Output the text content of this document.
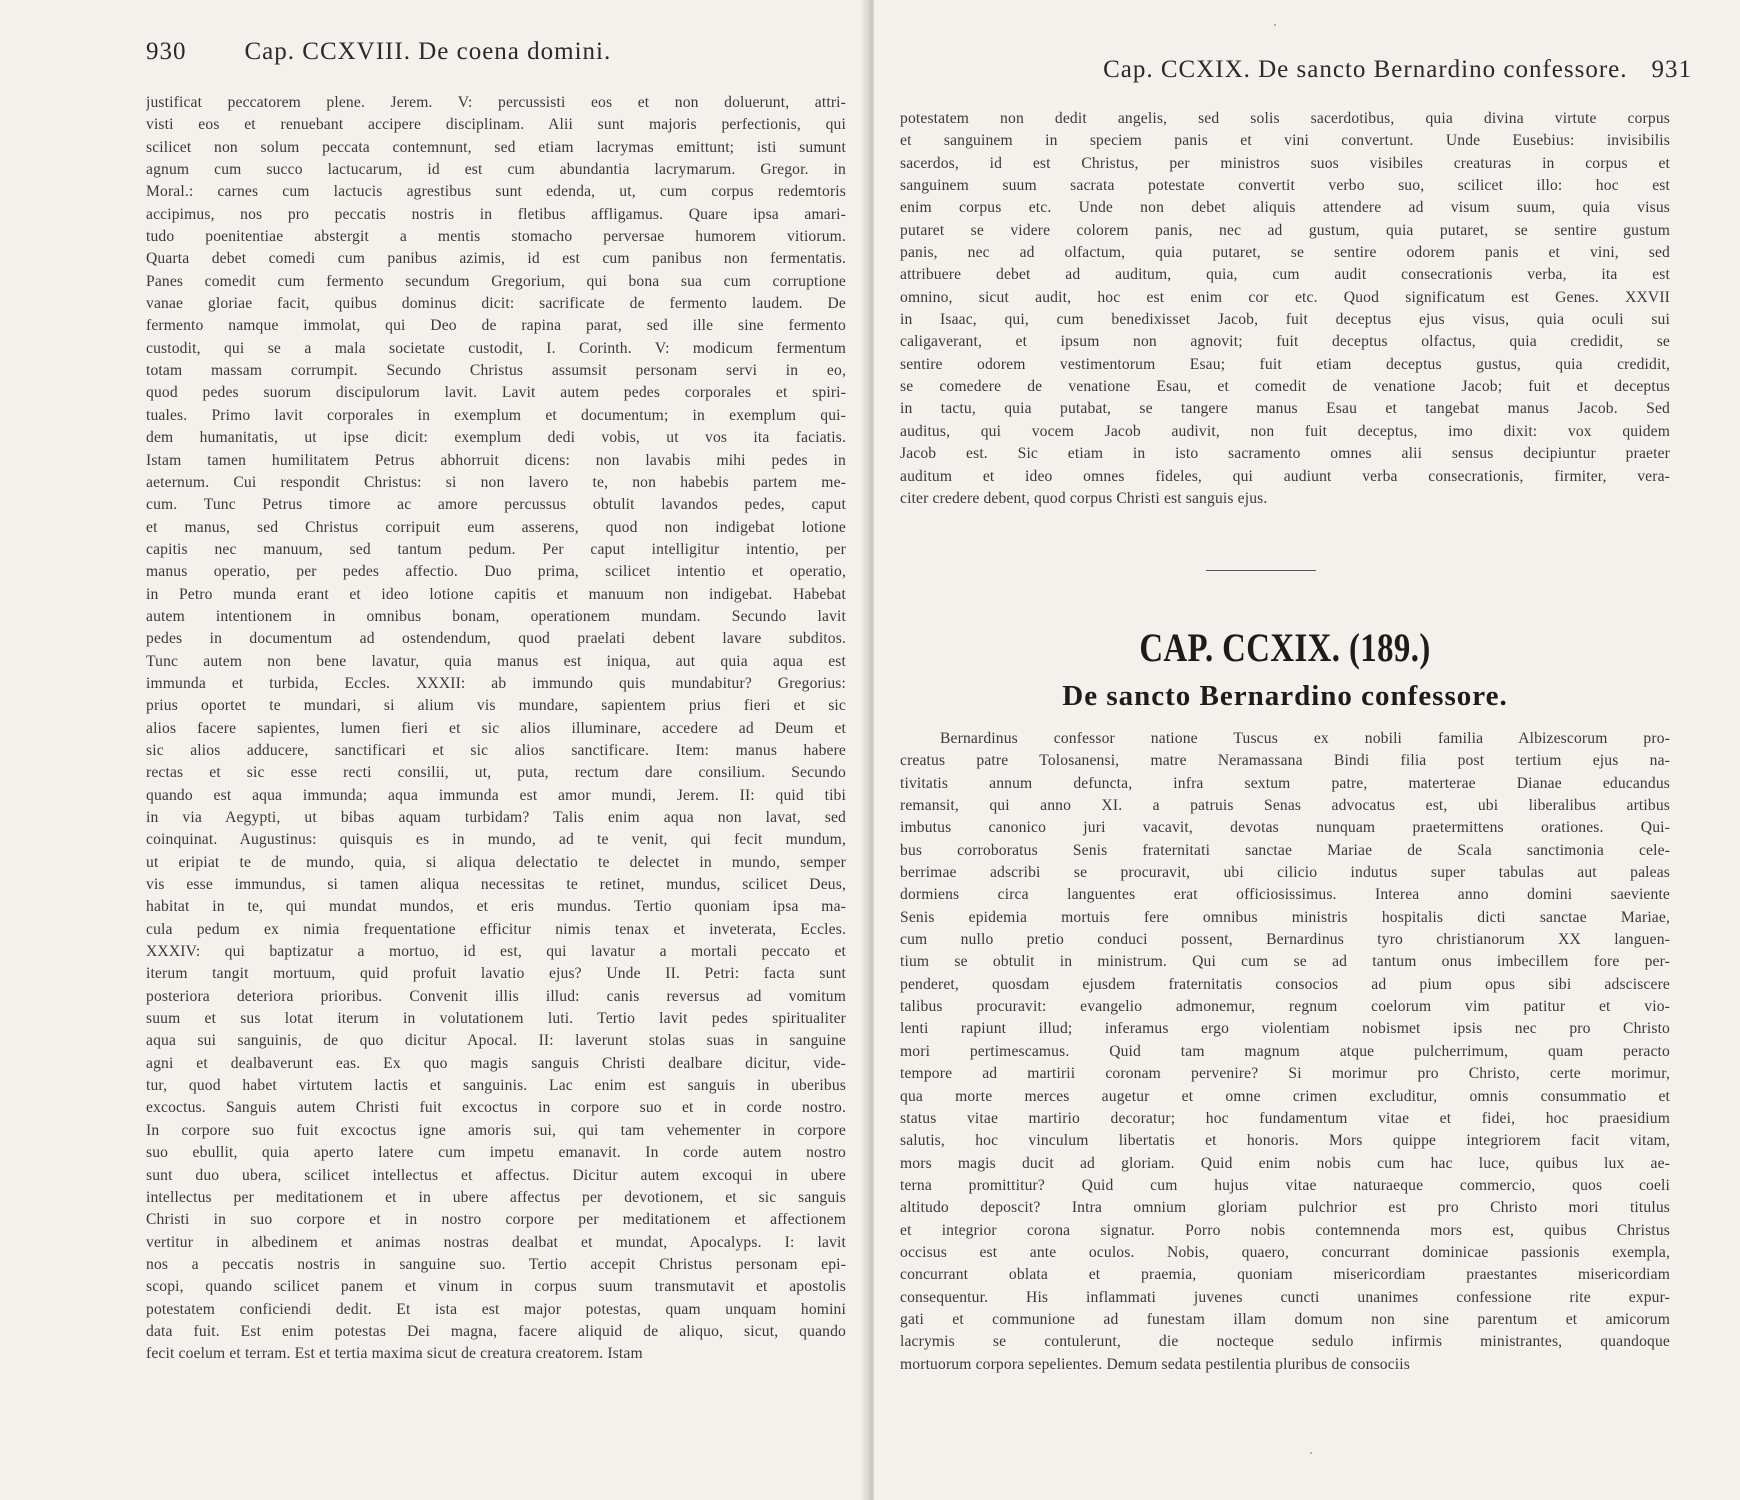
930 Cap. CCXVIII. De coena domini.
justificat peccatorem plene. Jerem. V: percussisti eos et non doluerunt, attri-
visti eos et renuebant accipere disciplinam. Alii sunt majoris perfectionis, qui
scilicet non solum peccata contemnunt, sed etiam lacrymas emittunt; isti sumunt
agnum cum succo lactucarum, id est cum abundantia lacrymarum. Gregor. in
Moral.: carnes cum lactucis agrestibus sunt edenda, ut, cum corpus redemtoris
accipimus, nos pro peccatis nostris in fletibus affligamus. Quare ipsa amari-
tudo poenitentiae abstergit a mentis stomacho perversae humorem vitiorum.
Quarta debet comedi cum panibus azimis, id est cum panibus non fermentatis.
Panes comedit cum fermento secundum Gregorium, qui bona sua cum corruptione
vanae gloriae facit, quibus dominus dicit: sacrificate de fermento laudem. De
fermento namque immolat, qui Deo de rapina parat, sed ille sine fermento
custodit, qui se a mala societate custodit, I. Corinth. V: modicum fermentum
totam massam corrumpit. Secundo Christus assumsit personam servi in eo,
quod pedes suorum discipulorum lavit. Lavit autem pedes corporales et spiri-
tuales. Primo lavit corporales in exemplum et documentum; in exemplum qui-
dem humanitatis, ut ipse dicit: exemplum dedi vobis, ut vos ita faciatis.
Istam tamen humilitatem Petrus abhorruit dicens: non lavabis mihi pedes in
aeternum. Cui respondit Christus: si non lavero te, non habebis partem me-
cum. Tunc Petrus timore ac amore percussus obtulit lavandos pedes, caput
et manus, sed Christus corripuit eum asserens, quod non indigebat lotione
capitis nec manuum, sed tantum pedum. Per caput intelligitur intentio, per
manus operatio, per pedes affectio. Duo prima, scilicet intentio et operatio,
in Petro munda erant et ideo lotione capitis et manuum non indigebat. Habebat
autem intentionem in omnibus bonam, operationem mundam. Secundo lavit
pedes in documentum ad ostendendum, quod praelati debent lavare subditos.
Tunc autem non bene lavatur, quia manus est iniqua, aut quia aqua est
immunda et turbida, Eccles. XXXII: ab immundo quis mundabitur? Gregorius:
prius oportet te mundari, si alium vis mundare, sapientem prius fieri et sic
alios facere sapientes, lumen fieri et sic alios illuminare, accedere ad Deum et
sic alios adducere, sanctificari et sic alios sanctificare. Item: manus habere
rectas et sic esse recti consilii, ut, puta, rectum dare consilium. Secundo
quando est aqua immunda; aqua immunda est amor mundi, Jerem. II: quid tibi
in via Aegypti, ut bibas aquam turbidam? Talis enim aqua non lavat, sed
coinquinat. Augustinus: quisquis es in mundo, ad te venit, qui fecit mundum,
ut eripiat te de mundo, quia, si aliqua delectatio te delectet in mundo, semper
vis esse immundus, si tamen aliqua necessitas te retinet, mundus, scilicet Deus,
habitat in te, qui mundat mundos, et eris mundus. Tertio quoniam ipsa ma-
cula pedum ex nimia frequentatione efficitur nimis tenax et inveterata, Eccles.
XXXIV: qui baptizatur a mortuo, id est, qui lavatur a mortali peccato et
iterum tangit mortuum, quid profuit lavatio ejus? Unde II. Petri: facta sunt
posteriora deteriora prioribus. Convenit illis illud: canis reversus ad vomitum
suum et sus lotat iterum in volutationem luti. Tertio lavit pedes spiritualiter
aqua sui sanguinis, de quo dicitur Apocal. II: laverunt stolas suas in sanguine
agni et dealbaverunt eas. Ex quo magis sanguis Christi dealbare dicitur, vide-
tur, quod habet virtutem lactis et sanguinis. Lac enim est sanguis in uberibus
excoctus. Sanguis autem Christi fuit excoctus in corpore suo et in corde nostro.
In corpore suo fuit excoctus igne amoris sui, qui tam vehementer in corpore
suo ebullit, quia aperto latere cum impetu emanavit. In corde autem nostro
sunt duo ubera, scilicet intellectus et affectus. Dicitur autem excoqui in ubere
intellectus per meditationem et in ubere affectus per devotionem, et sic sanguis
Christi in suo corpore et in nostro corpore per meditationem et affectionem
vertitur in albedinem et animas nostras dealbat et mundat, Apocalyps. I: lavit
nos a peccatis nostris in sanguine suo. Tertio accepit Christus personam epi-
scopi, quando scilicet panem et vinum in corpus suum transmutavit et apostolis
potestatem conficiendi dedit. Et ista est major potestas, quam unquam homini
data fuit. Est enim potestas Dei magna, facere aliquid de aliquo, sicut, quando
fecit coelum et terram. Est et tertia maxima sicut de creatura creatorem. Istam
Cap. CCXIX. De sancto Bernardino confessore. 931
potestatem non dedit angelis, sed solis sacerdotibus, quia divina virtute corpus
et sanguinem in speciem panis et vini convertunt. Unde Eusebius: invisibilis
sacerdos, id est Christus, per ministros suos visibiles creaturas in corpus et
sanguinem suum sacrata potestate convertit verbo suo, scilicet illo: hoc est
enim corpus etc. Unde non debet aliquis attendere ad visum suum, quia visus
putaret se videre colorem panis, nec ad gustum, quia putaret, se sentire gustum
panis, nec ad olfactum, quia putaret, se sentire odorem panis et vini, sed
attribuere debet ad auditum, quia, cum audit consecrationis verba, ita est
omnino, sicut audit, hoc est enim cor etc. Quod significatum est Genes. XXVII
in Isaac, qui, cum benedixisset Jacob, fuit deceptus ejus visus, quia oculi sui
caligaverant, et ipsum non agnovit; fuit deceptus olfactus, quia credidit, se
sentire odorem vestimentorum Esau; fuit etiam deceptus gustus, quia credidit,
se comedere de venatione Esau, et comedit de venatione Jacob; fuit et deceptus
in tactu, quia putabat, se tangere manus Esau et tangebat manus Jacob. Sed
auditus, qui vocem Jacob audivit, non fuit deceptus, imo dixit: vox quidem
Jacob est. Sic etiam in isto sacramento omnes alii sensus decipiuntur praeter
auditum et ideo omnes fideles, qui audiunt verba consecrationis, firmiter, vera-
citer credere debent, quod corpus Christi est sanguis ejus.
CAP. CCXIX. (189.)
De sancto Bernardino confessore.
Bernardinus confessor natione Tuscus ex nobili familia Albizescorum pro-
creatus patre Tolosanensi, matre Neramassana Bindi filia post tertium ejus na-
tivitatis annum defuncta, infra sextum patre, materterae Dianae educandus
remansit, qui anno XI. a patruis Senas advocatus est, ubi liberalibus artibus
imbutus canonico juri vacavit, devotas nunquam praetermittens orationes. Qui-
bus corroboratus Senis fraternitati sanctae Mariae de Scala sanctimonia cele-
berrimae adscribi se procuravit, ubi cilicio indutus super tabulas aut paleas
dormiens circa languentes erat officiosissimus. Interea anno domini saeviente
Senis epidemia mortuis fere omnibus ministris hospitalis dicti sanctae Mariae,
cum nullo pretio conduci possent, Bernardinus tyro christianorum XX languen-
tium se obtulit in ministrum. Qui cum se ad tantum onus imbecillem fore per-
penderet, quosdam ejusdem fraternitatis consocios ad pium opus sibi adsciscere
talibus procuravit: evangelio admonemur, regnum coelorum vim patitur et vio-
lenti rapiunt illud; inferamus ergo violentiam nobismet ipsis nec pro Christo
mori pertimescamus. Quid tam magnum atque pulcherrimum, quam peracto
tempore ad martirii coronam pervenire? Si morimur pro Christo, certe morimur,
qua morte merces augetur et omne crimen excluditur, omnis consummatio et
status vitae martirio decoratur; hoc fundamentum vitae et fidei, hoc praesidium
salutis, hoc vinculum libertatis et honoris. Mors quippe integriorem facit vitam,
mors magis ducit ad gloriam. Quid enim nobis cum hac luce, quibus lux ae-
terna promittitur? Quid cum hujus vitae naturaeque commercio, quos coeli
altitudo deposcit? Intra omnium gloriam pulchrior est pro Christo mori titulus
et integrior corona signatur. Porro nobis contemnenda mors est, quibus Christus
occisus est ante oculos. Nobis, quaero, concurrant dominicae passionis exempla,
concurrant oblata et praemia, quoniam misericordiam praestantes misericordiam
consequentur. His inflammati juvenes cuncti unanimes confessione rite expur-
gati et communione ad funestam illam domum non sine parentum et amicorum
lacrymis se contulerunt, die nocteque sedulo infirmis ministrantes, quandoque
mortuorum corpora sepelientes. Demum sedata pestilentia pluribus de consociis
